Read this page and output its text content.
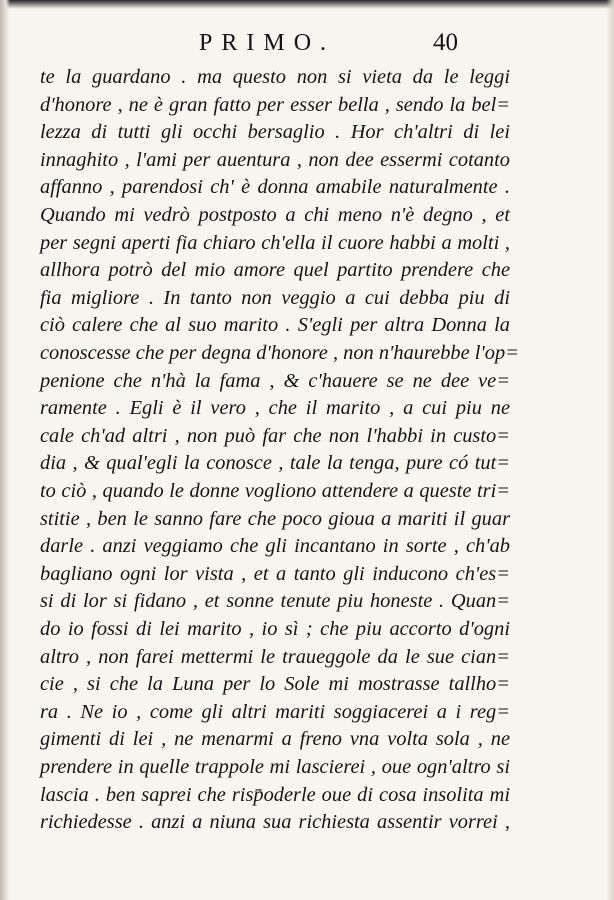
PRIMO.	40
te la guardano . ma questo non si vieta da le leggi
d'honore , ne è gran fatto per esser bella , sendo la bel=
lezza di tutti gli occhi bersaglio . Hor ch'altri di lei
innaghito , l'ami per auentura , non dee essermi cotanto
affanno , parendosi ch' è donna amabile naturalmente .
Quando mi vedrò postposto a chi meno n'è degno , et
per segni aperti fia chiaro ch'ella il cuore habbi a molti ,
allhora potrò del mio amore quel partito prendere che
fia migliore . In tanto non veggio a cui debba piu di
ciò calere che al suo marito . S'egli per altra Donna la
conoscesse che per degna d'honore , non n'haurebbe l'op=
penione che n'hà la fama , & c'hauere se ne dee ve=
ramente . Egli è il vero , che il marito , a cui piu ne
cale ch'ad altri , non può far che non l'habbi in custo=
dia , & qual'egli la conosce , tale la tenga, pure có tut=
to ciò , quando le donne vogliono attendere a queste tri=
stitie , ben le sanno fare che poco gioua a mariti il guar
darle . anzi veggiamo che gli incantano in sorte , ch'ab
bagliano ogni lor vista , et a tanto gli inducono ch'es=
si di lor si fidano , et sonne tenute piu honeste . Quan=
do io fossi di lei marito , io sì ; che piu accorto d'ogni
altro , non farei mettermi le traueggole da le sue cian=
cie , si che la Luna per lo Sole mi mostrasse tallho=
ra . Ne io , come gli altri mariti soggiacerei a i reg=
gimenti di lei , ne menarmi a freno vna volta sola , ne
prendere in quelle trappole mi lascierei , oue ogn'altro si
lascia . ben saprei che risp̄oderle oue di cosa insolita mi
richiedesse . anzi a niuna sua richiesta assentir vorrei ,
